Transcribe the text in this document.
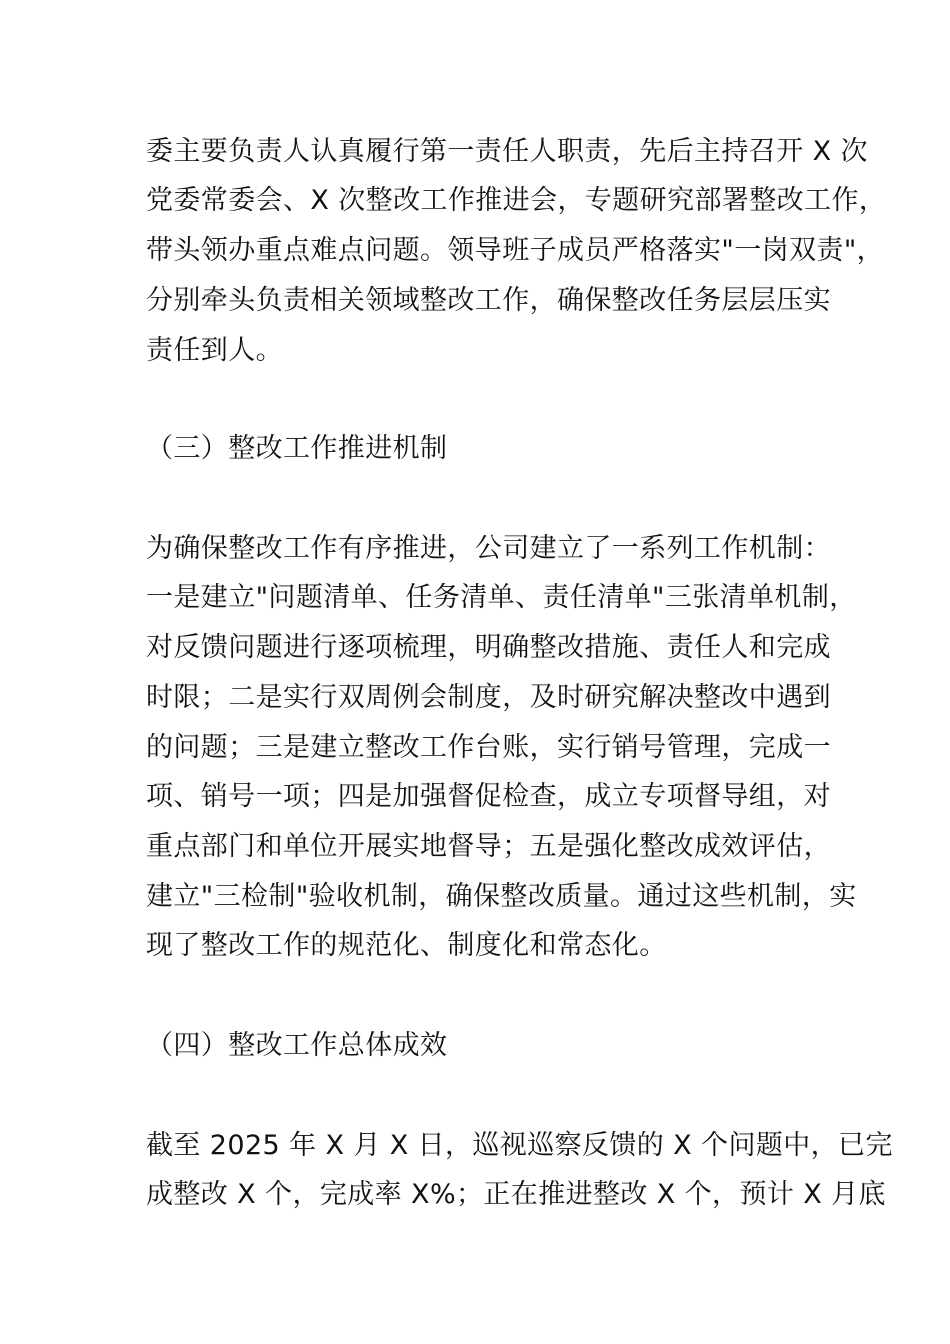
委主要负责人认真履行第一责任人职责，先后主持召开 X 次
党委常委会、X 次整改工作推进会，专题研究部署整改工作，
带头领办重点难点问题。领导班子成员严格落实"一岗双责"，
分别牵头负责相关领域整改工作，确保整改任务层层压实
责任到人。
（三）整改工作推进机制
为确保整改工作有序推进，公司建立了一系列工作机制：
一是建立"问题清单、任务清单、责任清单"三张清单机制，
对反馈问题进行逐项梳理，明确整改措施、责任人和完成
时限；二是实行双周例会制度，及时研究解决整改中遇到
的问题；三是建立整改工作台账，实行销号管理，完成一
项、销号一项；四是加强督促检查，成立专项督导组，对
重点部门和单位开展实地督导；五是强化整改成效评估，
建立"三检制"验收机制，确保整改质量。通过这些机制，实
现了整改工作的规范化、制度化和常态化。
（四）整改工作总体成效
截至 2025 年 X 月 X 日，巡视巡察反馈的 X 个问题中，已完
成整改 X 个，完成率 X%；正在推进整改 X 个，预计 X 月底
